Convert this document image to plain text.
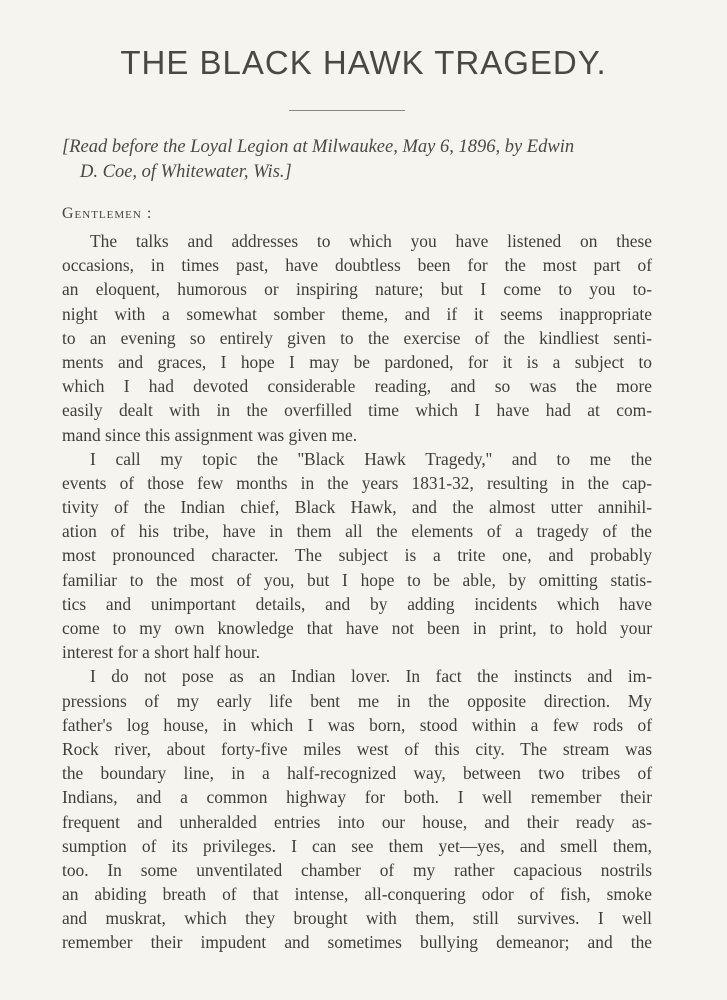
THE BLACK HAWK TRAGEDY.
[Read before the Loyal Legion at Milwaukee, May 6, 1896, by Edwin
D. Coe, of Whitewater, Wis.]
Gentlemen :
The talks and addresses to which you have listened on these
occasions, in times past, have doubtless been for the most part of
an eloquent, humorous or inspiring nature; but I come to you to-
night with a somewhat somber theme, and if it seems inappropriate
to an evening so entirely given to the exercise of the kindliest senti-
ments and graces, I hope I may be pardoned, for it is a subject to
which I had devoted considerable reading, and so was the more
easily dealt with in the overfilled time which I have had at com-
mand since this assignment was given me.
I call my topic the ''Black Hawk Tragedy,'' and to me the
events of those few months in the years 1831-32, resulting in the cap-
tivity of the Indian chief, Black Hawk, and the almost utter annihil-
ation of his tribe, have in them all the elements of a tragedy of the
most pronounced character. The subject is a trite one, and probably
familiar to the most of you, but I hope to be able, by omitting statis-
tics and unimportant details, and by adding incidents which have
come to my own knowledge that have not been in print, to hold your
interest for a short half hour.
I do not pose as an Indian lover. In fact the instincts and im-
pressions of my early life bent me in the opposite direction. My
father's log house, in which I was born, stood within a few rods of
Rock river, about forty-five miles west of this city. The stream was
the boundary line, in a half-recognized way, between two tribes of
Indians, and a common highway for both. I well remember their
frequent and unheralded entries into our house, and their ready as-
sumption of its privileges. I can see them yet—yes, and smell them,
too. In some unventilated chamber of my rather capacious nostrils
an abiding breath of that intense, all-conquering odor of fish, smoke
and muskrat, which they brought with them, still survives. I well
remember their impudent and sometimes bullying demeanor; and the
